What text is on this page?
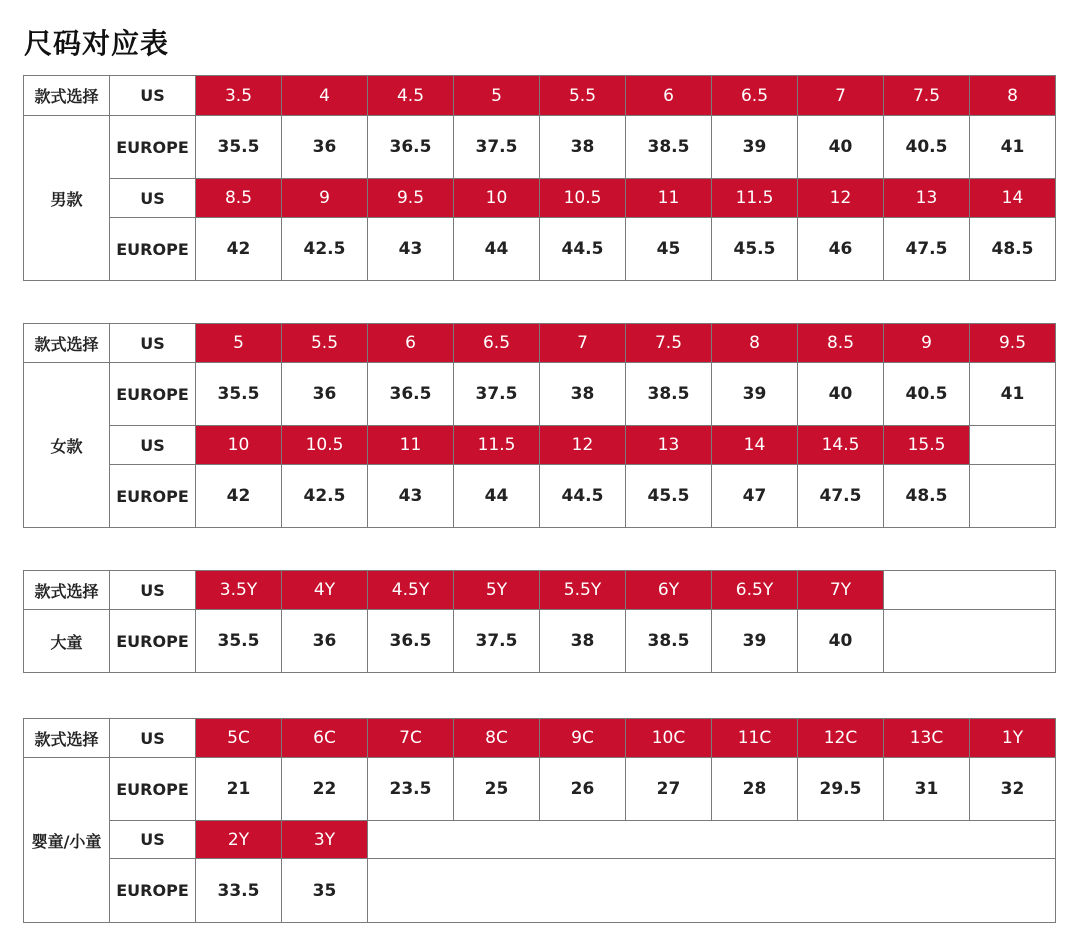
尺码对应表
款式选择
男款
US	3.5	4	4.5	5	5.5	6	6.5	7	7.5	8
EUROPE	35.5	36	36.5	37.5	38	38.5	39	40	40.5	41
US	8.5	9	9.5	10	10.5	11	11.5	12	13	14
EUROPE	42	42.5	43	44	44.5	45	45.5	46	47.5	48.5
款式选择
女款
US	5	5.5	6	6.5	7	7.5	8	8.5	9	9.5
EUROPE	35.5	36	36.5	37.5	38	38.5	39	40	40.5	41
US	10	10.5	11	11.5	12	13	14	14.5	15.5
EUROPE	42	42.5	43	44	44.5	45.5	47	47.5	48.5
款式选择
大童
US	3.5Y	4Y	4.5Y	5Y	5.5Y	6Y	6.5Y	7Y
EUROPE	35.5	36	36.5	37.5	38	38.5	39	40
款式选择
婴童/小童
US	5C	6C	7C	8C	9C	10C	11C	12C	13C	1Y
EUROPE	21	22	23.5	25	26	27	28	29.5	31	32
US	2Y	3Y
EUROPE	33.5	35
